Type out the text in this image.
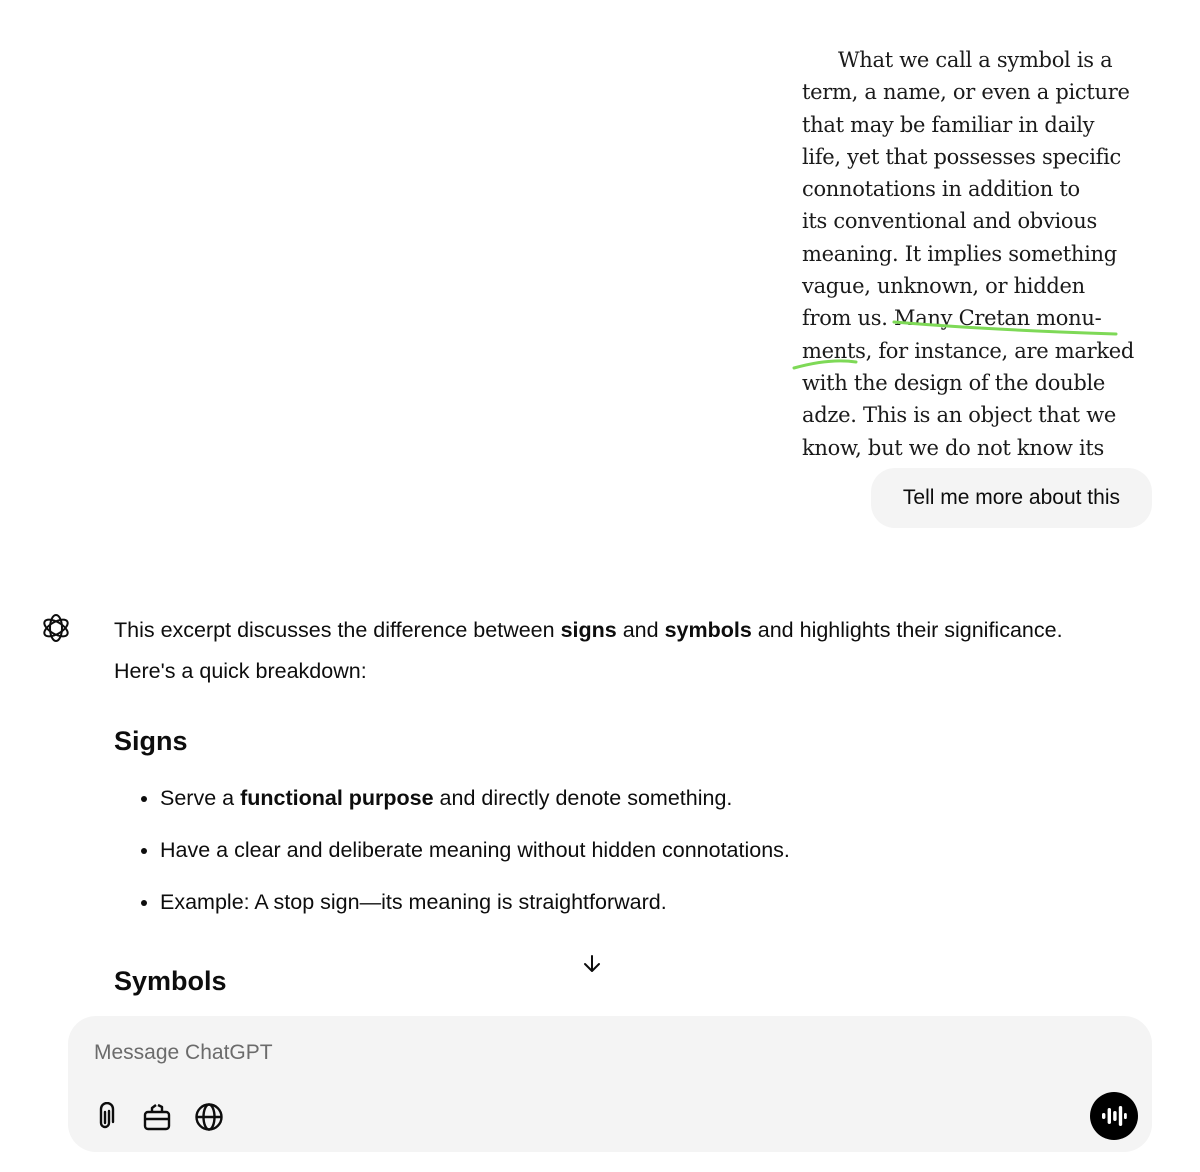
What we call a symbol is a
term, a name, or even a picture
that may be familiar in daily
life, yet that possesses specific
connotations in addition to
its conventional and obvious
meaning. It implies something
vague, unknown, or hidden
from us. Many Cretan monu-
ments, for instance, are marked
with the design of the double
adze. This is an object that we
know, but we do not know its
Tell me more about this

This excerpt discusses the difference between signs and symbols and highlights their significance. Here's a quick breakdown:

Signs
• Serve a functional purpose and directly denote something.
• Have a clear and deliberate meaning without hidden connotations.
• Example: A stop sign—its meaning is straightforward.
Symbols
Message ChatGPT
